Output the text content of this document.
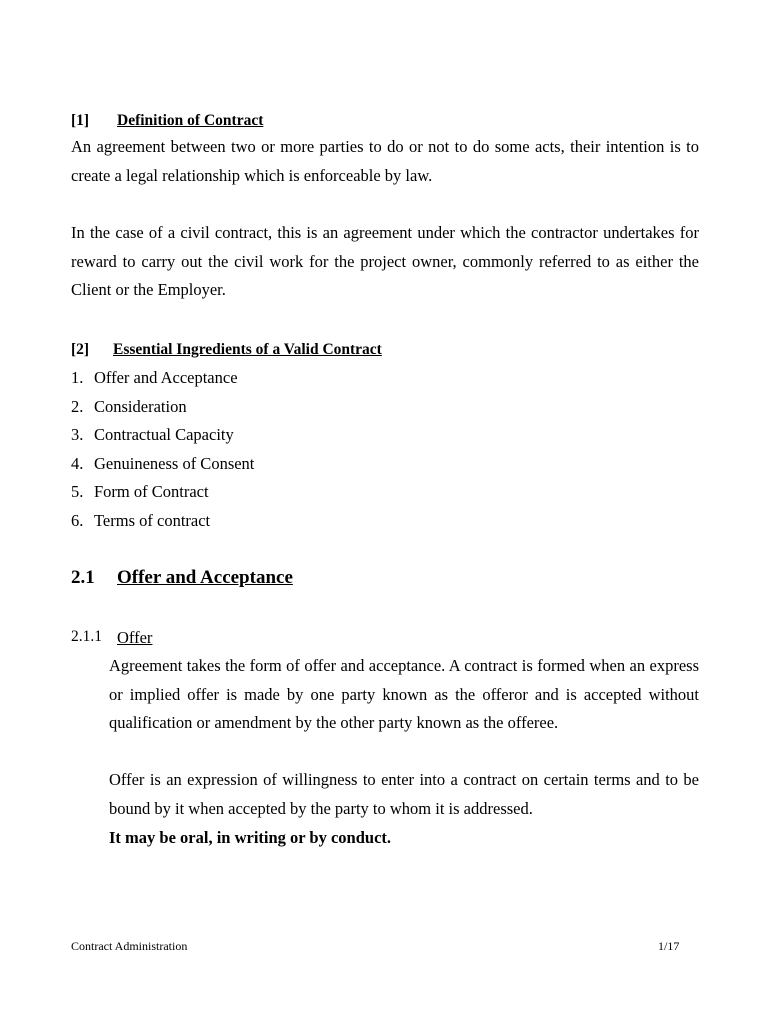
[1] Definition of Contract
An agreement between two or more parties to do or not to do some acts, their intention is to create a legal relationship which is enforceable by law.
In the case of a civil contract, this is an agreement under which the contractor undertakes for reward to carry out the civil work for the project owner, commonly referred to as either the Client or the Employer.
[2] Essential Ingredients of a Valid Contract
1. Offer and Acceptance
2. Consideration
3. Contractual Capacity
4. Genuineness of Consent
5. Form of Contract
6. Terms of contract
2.1 Offer and Acceptance
2.1.1 Offer
Agreement takes the form of offer and acceptance. A contract is formed when an express or implied offer is made by one party known as the offeror and is accepted without qualification or amendment by the other party known as the offeree.
Offer is an expression of willingness to enter into a contract on certain terms and to be bound by it when accepted by the party to whom it is addressed.
It may be oral, in writing or by conduct.
Contract Administration	1/17
